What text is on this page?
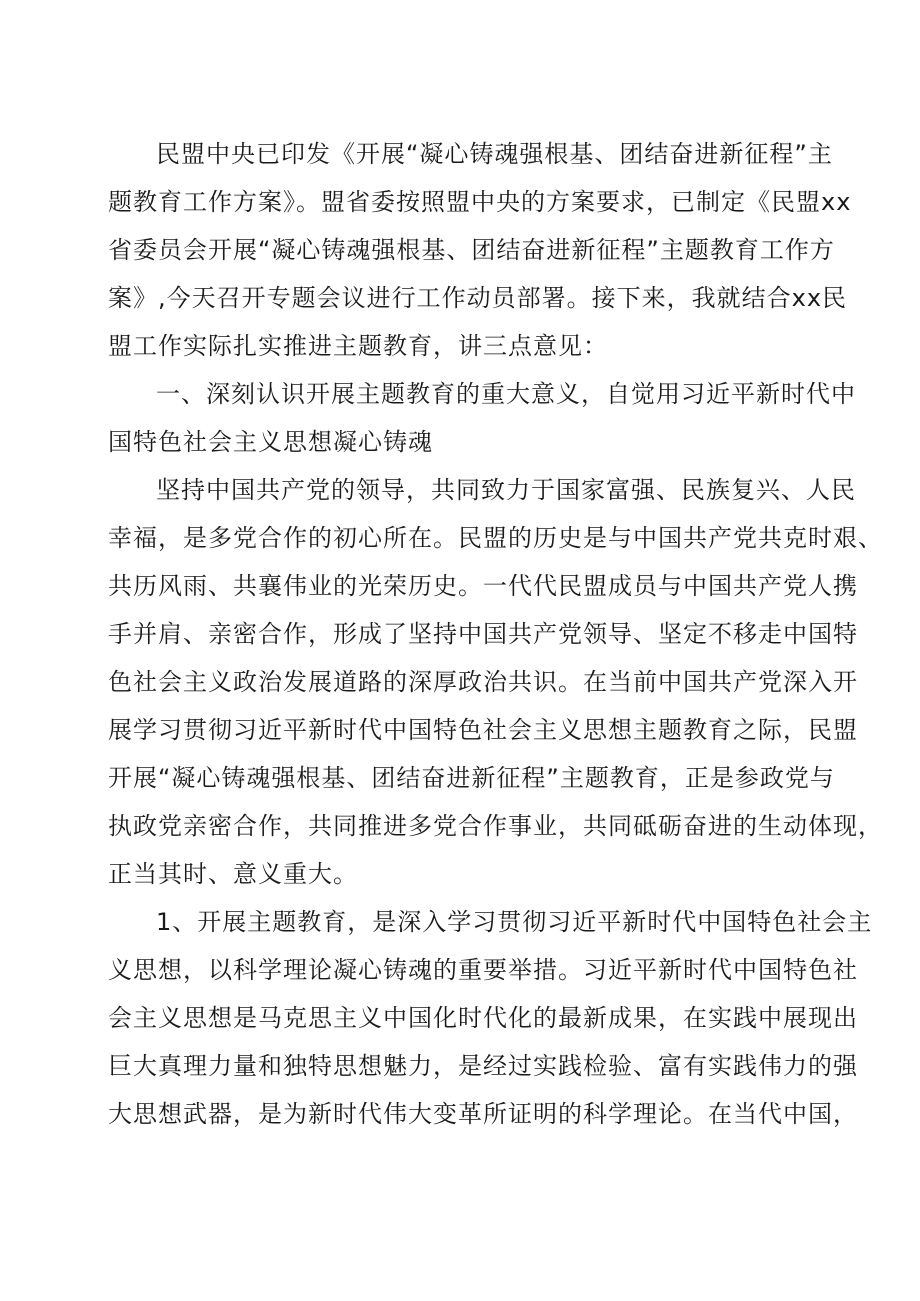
民盟中央已印发《开展“凝心铸魂强根基、团结奋进新征程”主
题教育工作方案》。盟省委按照盟中央的方案要求，已制定《民盟xx
省委员会开展“凝心铸魂强根基、团结奋进新征程”主题教育工作方
案》,今天召开专题会议进行工作动员部署。接下来，我就结合xx民
盟工作实际扎实推进主题教育，讲三点意见：
一、深刻认识开展主题教育的重大意义，自觉用习近平新时代中
国特色社会主义思想凝心铸魂
坚持中国共产党的领导，共同致力于国家富强、民族复兴、人民
幸福，是多党合作的初心所在。民盟的历史是与中国共产党共克时艰、
共历风雨、共襄伟业的光荣历史。一代代民盟成员与中国共产党人携
手并肩、亲密合作，形成了坚持中国共产党领导、坚定不移走中国特
色社会主义政治发展道路的深厚政治共识。在当前中国共产党深入开
展学习贯彻习近平新时代中国特色社会主义思想主题教育之际，民盟
开展“凝心铸魂强根基、团结奋进新征程”主题教育，正是参政党与
执政党亲密合作，共同推进多党合作事业，共同砥砺奋进的生动体现，
正当其时、意义重大。
1、开展主题教育，是深入学习贯彻习近平新时代中国特色社会主
义思想，以科学理论凝心铸魂的重要举措。习近平新时代中国特色社
会主义思想是马克思主义中国化时代化的最新成果，在实践中展现出
巨大真理力量和独特思想魅力，是经过实践检验、富有实践伟力的强
大思想武器，是为新时代伟大变革所证明的科学理论。在当代中国，
